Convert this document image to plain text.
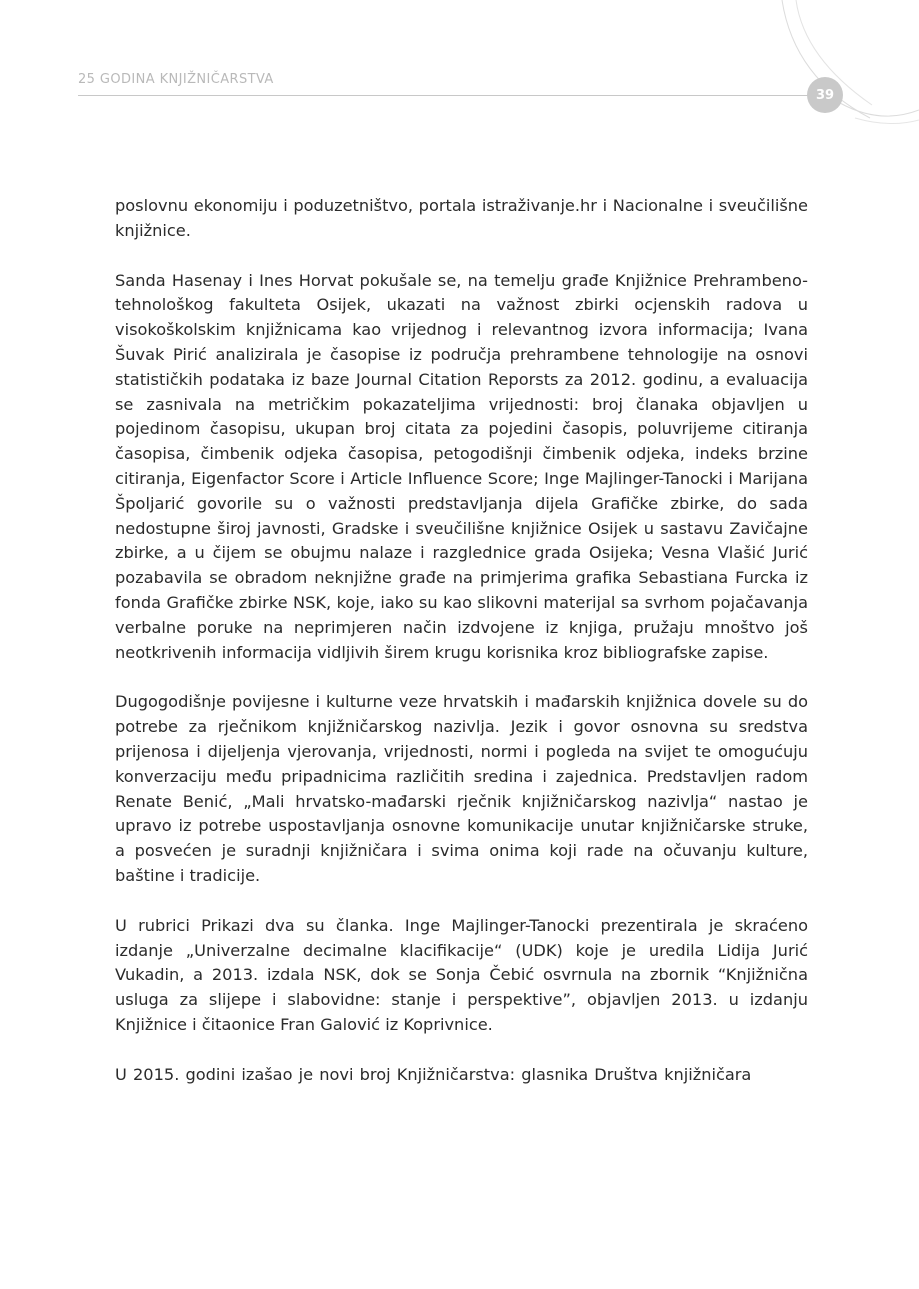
25 GODINA KNJIŽNIČARSTVA
39

poslovnu ekonomiju i poduzetništvo, portala istraživanje.hr i Nacionalne i sveučilišne knjižnice.

Sanda Hasenay i Ines Horvat pokušale se, na temelju građe Knjižnice Prehrambeno-tehnološkog fakulteta Osijek, ukazati na važnost zbirki ocjenskih radova u visokoškolskim knjižnicama kao vrijednog i relevantnog izvora informacija; Ivana Šuvak Pirić analizirala je časopise iz područja prehrambene tehnologije na osnovi statističkih podataka iz baze Journal Citation Reporsts za 2012. godinu, a evaluacija se zasnivala na metričkim pokazateljima vrijednosti: broj članaka objavljen u pojedinom časopisu, ukupan broj citata za pojedini časopis, poluvrijeme citiranja časopisa, čimbenik odjeka časopisa, petogodišnji čimbenik odjeka, indeks brzine citiranja, Eigenfactor Score i Article Influence Score; Inge Majlinger-Tanocki i Marijana Špoljarić govorile su o važnosti predstavljanja dijela Grafičke zbirke, do sada nedostupne široj javnosti, Gradske i sveučilišne knjižnice Osijek u sastavu Zavičajne zbirke, a u čijem se obujmu nalaze i razglednice grada Osijeka; Vesna Vlašić Jurić pozabavila se obradom neknjižne građe na primjerima grafika Sebastiana Furcka iz fonda Grafičke zbirke NSK, koje, iako su kao slikovni materijal sa svrhom pojačavanja verbalne poruke na neprimjeren način izdvojene iz knjiga, pružaju mnoštvo još neotkrivenih informacija vidljivih širem krugu korisnika kroz bibliografske zapise.

Dugogodišnje povijesne i kulturne veze hrvatskih i mađarskih knjižnica dovele su do potrebe za rječnikom knjižničarskog nazivlja. Jezik i govor osnovna su sredstva prijenosa i dijeljenja vjerovanja, vrijednosti, normi i pogleda na svijet te omogućuju konverzaciju među pripadnicima različitih sredina i zajednica. Predstavljen radom Renate Benić, „Mali hrvatsko-mađarski rječnik knjižničarskog nazivlja“ nastao je upravo iz potrebe uspostavljanja osnovne komunikacije unutar knjižničarske struke, a posvećen je suradnji knjižničara i svima onima koji rade na očuvanju kulture, baštine i tradicije.

U rubrici Prikazi dva su članka. Inge Majlinger-Tanocki prezentirala je skraćeno izdanje „Univerzalne decimalne klacifikacije“ (UDK) koje je uredila Lidija Jurić Vukadin, a 2013. izdala NSK, dok se Sonja Čebić osvrnula na zbornik “Knjižnična usluga za slijepe i slabovidne: stanje i perspektive”, objavljen 2013. u izdanju Knjižnice i čitaonice Fran Galović iz Koprivnice.

U 2015. godini izašao je novi broj Knjižničarstva: glasnika Društva knjižničara
